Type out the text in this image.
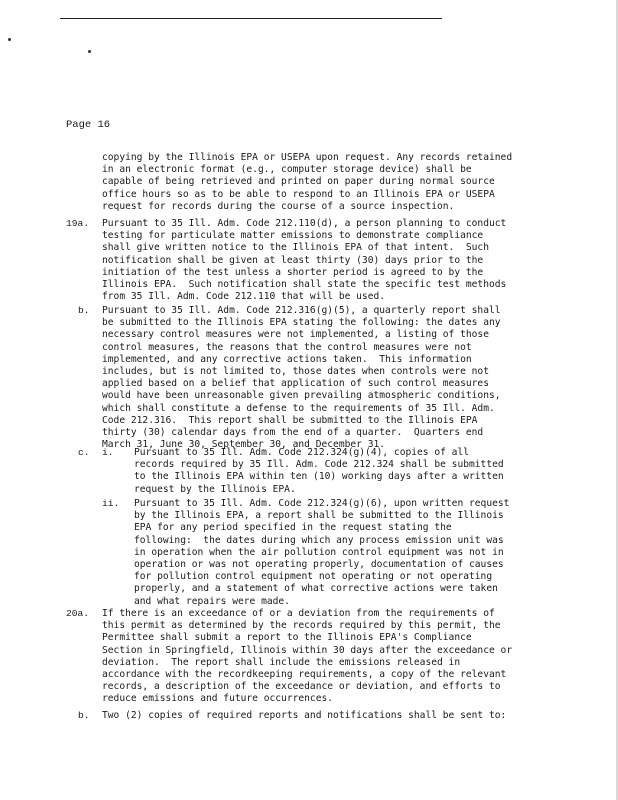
Page 16
copying by the Illinois EPA or USEPA upon request. Any records retained
in an electronic format (e.g., computer storage device) shall be
capable of being retrieved and printed on paper during normal source
office hours so as to be able to respond to an Illinois EPA or USEPA
request for records during the course of a source inspection.
19a. Pursuant to 35 Ill. Adm. Code 212.110(d), a person planning to conduct
testing for particulate matter emissions to demonstrate compliance
shall give written notice to the Illinois EPA of that intent.  Such
notification shall be given at least thirty (30) days prior to the
initiation of the test unless a shorter period is agreed to by the
Illinois EPA.  Such notification shall state the specific test methods
from 35 Ill. Adm. Code 212.110 that will be used.
b. Pursuant to 35 Ill. Adm. Code 212.316(g)(5), a quarterly report shall
be submitted to the Illinois EPA stating the following: the dates any
necessary control measures were not implemented, a listing of those
control measures, the reasons that the control measures were not
implemented, and any corrective actions taken.  This information
includes, but is not limited to, those dates when controls were not
applied based on a belief that application of such control measures
would have been unreasonable given prevailing atmospheric conditions,
which shall constitute a defense to the requirements of 35 Ill. Adm.
Code 212.316.  This report shall be submitted to the Illinois EPA
thirty (30) calendar days from the end of a quarter.  Quarters end
March 31, June 30, September 30, and December 31.
c. i. Pursuant to 35 Ill. Adm. Code 212.324(g)(4), copies of all
records required by 35 Ill. Adm. Code 212.324 shall be submitted
to the Illinois EPA within ten (10) working days after a written
request by the Illinois EPA.
ii. Pursuant to 35 Ill. Adm. Code 212.324(g)(6), upon written request
by the Illinois EPA, a report shall be submitted to the Illinois
EPA for any period specified in the request stating the
following:  the dates during which any process emission unit was
in operation when the air pollution control equipment was not in
operation or was not operating properly, documentation of causes
for pollution control equipment not operating or not operating
properly, and a statement of what corrective actions were taken
and what repairs were made.
20a. If there is an exceedance of or a deviation from the requirements of
this permit as determined by the records required by this permit, the
Permittee shall submit a report to the Illinois EPA's Compliance
Section in Springfield, Illinois within 30 days after the exceedance or
deviation.  The report shall include the emissions released in
accordance with the recordkeeping requirements, a copy of the relevant
records, a description of the exceedance or deviation, and efforts to
reduce emissions and future occurrences.
b. Two (2) copies of required reports and notifications shall be sent to:
